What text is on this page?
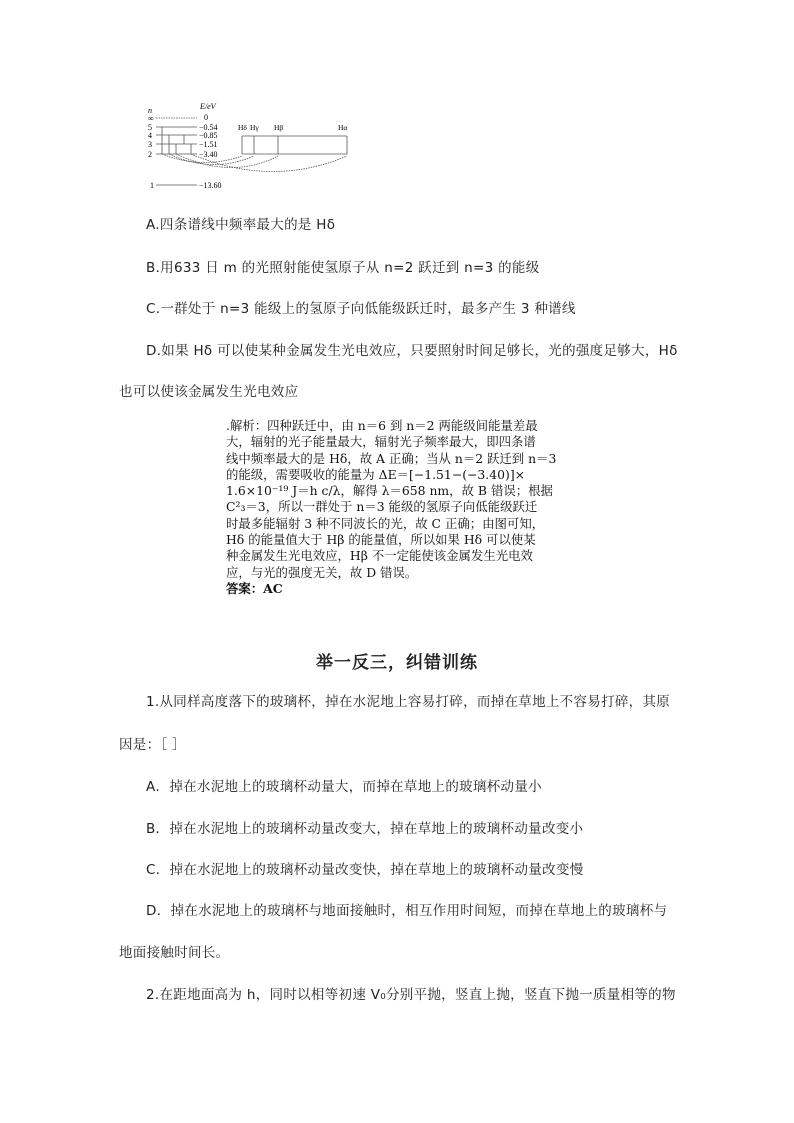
n	E/eV
∞
5
4
3
2
1
0
−0.54
−0.85
−1.51
−3.40
−13.60
Hδ Hγ Hβ	Hα
A.四条谱线中频率最大的是 Hδ
B.用633 日 m 的光照射能使氢原子从 n=2 跃迁到 n=3 的能级
C.一群处于 n=3 能级上的氢原子向低能级跃迁时，最多产生 3 种谱线
D.如果 Hδ 可以使某种金属发生光电效应，只要照射时间足够长，光的强度足够大，Hδ
也可以使该金属发生光电效应
.解析：四种跃迁中，由 n＝6 到 n＝2 两能级间能量差最
大，辐射的光子能量最大，辐射光子频率最大，即四条谱
线中频率最大的是 Hδ，故 A 正确；当从 n＝2 跃迁到 n＝3
的能级，需要吸收的能量为 ΔE＝[−1.51−(−3.40)]×
1.6×10⁻¹⁹ J＝h c/λ，解得 λ＝658 nm，故 B 错误；根据
C²₃＝3，所以一群处于 n＝3 能级的氢原子向低能级跃迁
时最多能辐射 3 种不同波长的光，故 C 正确；由图可知，
Hδ 的能量值大于 Hβ 的能量值，所以如果 Hδ 可以使某
种金属发生光电效应，Hβ 不一定能使该金属发生光电效
应，与光的强度无关，故 D 错误。
答案：AC
举一反三，纠错训练
1.从同样高度落下的玻璃杯，掉在水泥地上容易打碎，而掉在草地上不容易打碎，其原
因是：［ ］
A．掉在水泥地上的玻璃杯动量大，而掉在草地上的玻璃杯动量小
B．掉在水泥地上的玻璃杯动量改变大，掉在草地上的玻璃杯动量改变小
C．掉在水泥地上的玻璃杯动量改变快，掉在草地上的玻璃杯动量改变慢
D．掉在水泥地上的玻璃杯与地面接触时，相互作用时间短，而掉在草地上的玻璃杯与
地面接触时间长。
2.在距地面高为 h，同时以相等初速 V₀分别平抛，竖直上抛，竖直下抛一质量相等的物
